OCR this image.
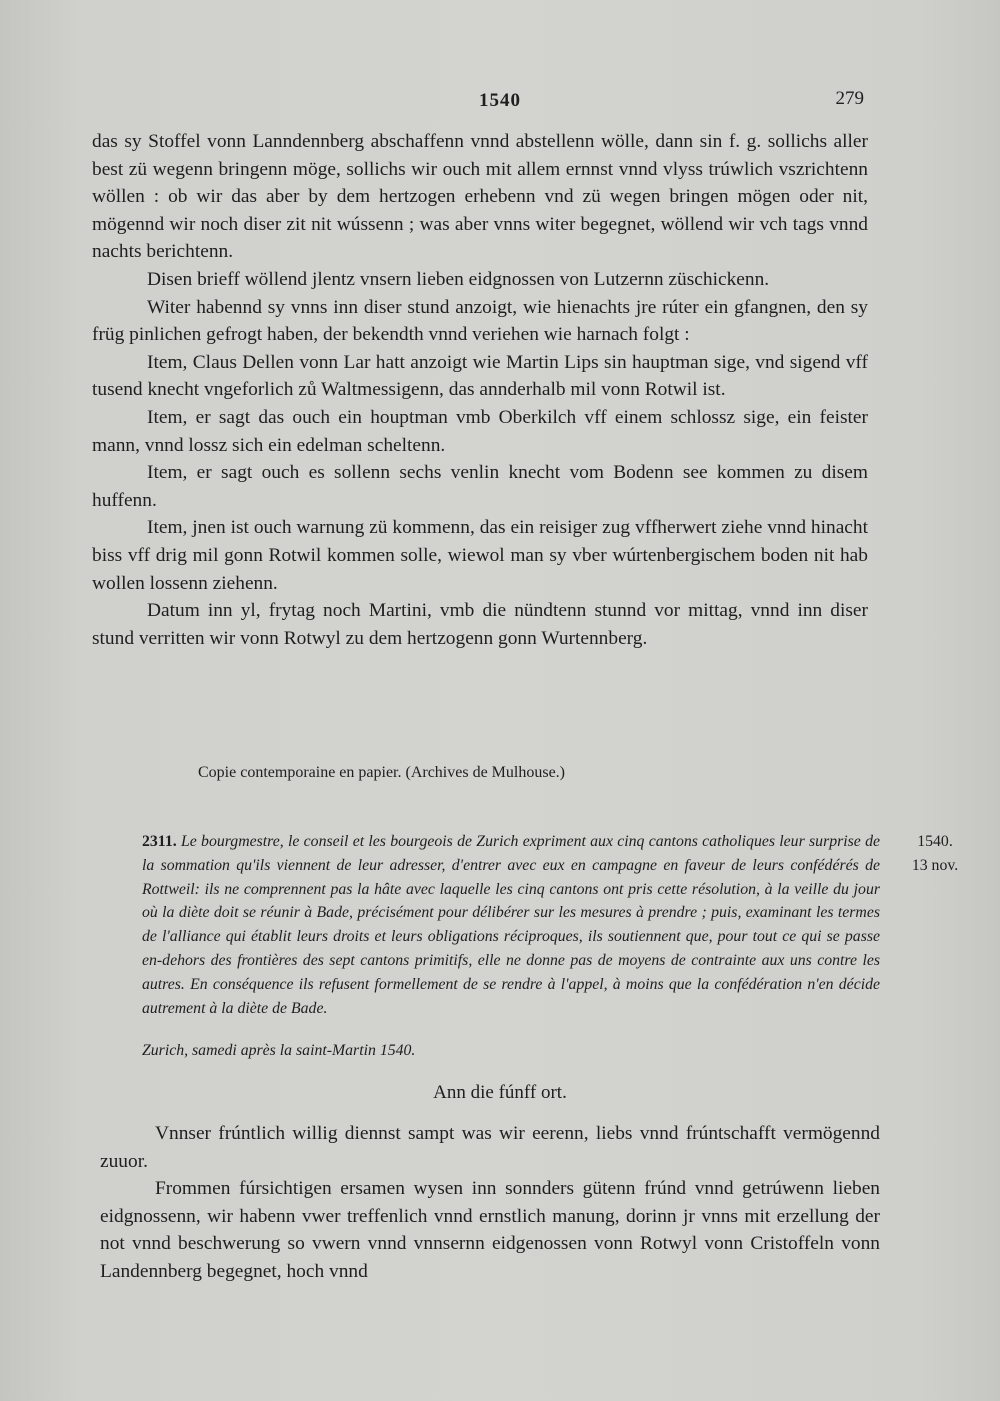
1540	279

das sy Stoffel vonn Lanndennberg abschaffenn vnnd abstellenn wölle, dann sin f. g. sollichs aller best zü wegenn bringenn möge, sollichs wir ouch mit allem ernnst vnnd vlyss trúwlich vszrichtenn wöllen : ob wir das aber by dem hertzogen erhebenn vnd zü wegen bringen mögen oder nit, mögennd wir noch diser zit nit wússenn ; was aber vnns witer begegnet, wöllend wir vch tags vnnd nachts berichtenn.

Disen brieff wöllend jlentz vnsern lieben eidgnossen von Lutzernn züschickenn.

Witer habennd sy vnns inn diser stund anzoigt, wie hienachts jre rúter ein gfangnen, den sy früg pinlichen gefrogt haben, der bekendth vnnd veriehen wie harnach folgt :

Item, Claus Dellen vonn Lar hatt anzoigt wie Martin Lips sin hauptman sige, vnd sigend vff tusend knecht vngeforlich zů Waltmessigenn, das annderhalb mil vonn Rotwil ist.

Item, er sagt das ouch ein houptman vmb Oberkilch vff einem schlossz sige, ein feister mann, vnnd lossz sich ein edelman scheltenn.

Item, er sagt ouch es sollenn sechs venlin knecht vom Bodenn see kommen zu disem huffenn.

Item, jnen ist ouch warnung zü kommenn, das ein reisiger zug vffherwert ziehe vnnd hinacht biss vff drig mil gonn Rotwil kommen solle, wiewol man sy vber wúrtenbergischem boden nit hab wollen lossenn ziehenn.

Datum inn yl, frytag noch Martini, vmb die nündtenn stunnd vor mittag, vnnd inn diser stund verritten wir vonn Rotwyl zu dem hertzogenn gonn Wurtennberg.

Copie contemporaine en papier. (Archives de Mulhouse.)
2311. Le bourgmestre, le conseil et les bourgeois de Zurich expriment aux cinq cantons catholiques leur surprise de la sommation qu'ils viennent de leur adresser, d'entrer avec eux en campagne en faveur de leurs confédérés de Rottweil: ils ne comprennent pas la hâte avec laquelle les cinq cantons ont pris cette résolution, à la veille du jour où la diète doit se réunir à Bade, précisément pour délibérer sur les mesures à prendre ; puis, examinant les termes de l'alliance qui établit leurs droits et leurs obligations réciproques, ils soutiennent que, pour tout ce qui se passe en-dehors des frontières des sept cantons primitifs, elle ne donne pas de moyens de contrainte aux uns contre les autres. En conséquence ils refusent formellement de se rendre à l'appel, à moins que la confédération n'en décide autrement à la diète de Bade.
1540.
13 nov.
Zurich, samedi après la saint-Martin 1540.
Ann die fúnff ort.

Vnnser frúntlich willig diennst sampt was wir eerenn, liebs vnnd frúntschafft vermögennd zuuor.

Frommen fúrsichtigen ersamen wysen inn sonnders gütenn frúnd vnnd getrúwenn lieben eidgnossenn, wir habenn vwer treffenlich vnnd ernstlich manung, dorinn jr vnns mit erzellung der not vnnd beschwerung so vwern vnnd vnnsernn eidgenossen vonn Rotwyl vonn Cristoffeln vonn Landennberg begegnet, hoch vnnd
